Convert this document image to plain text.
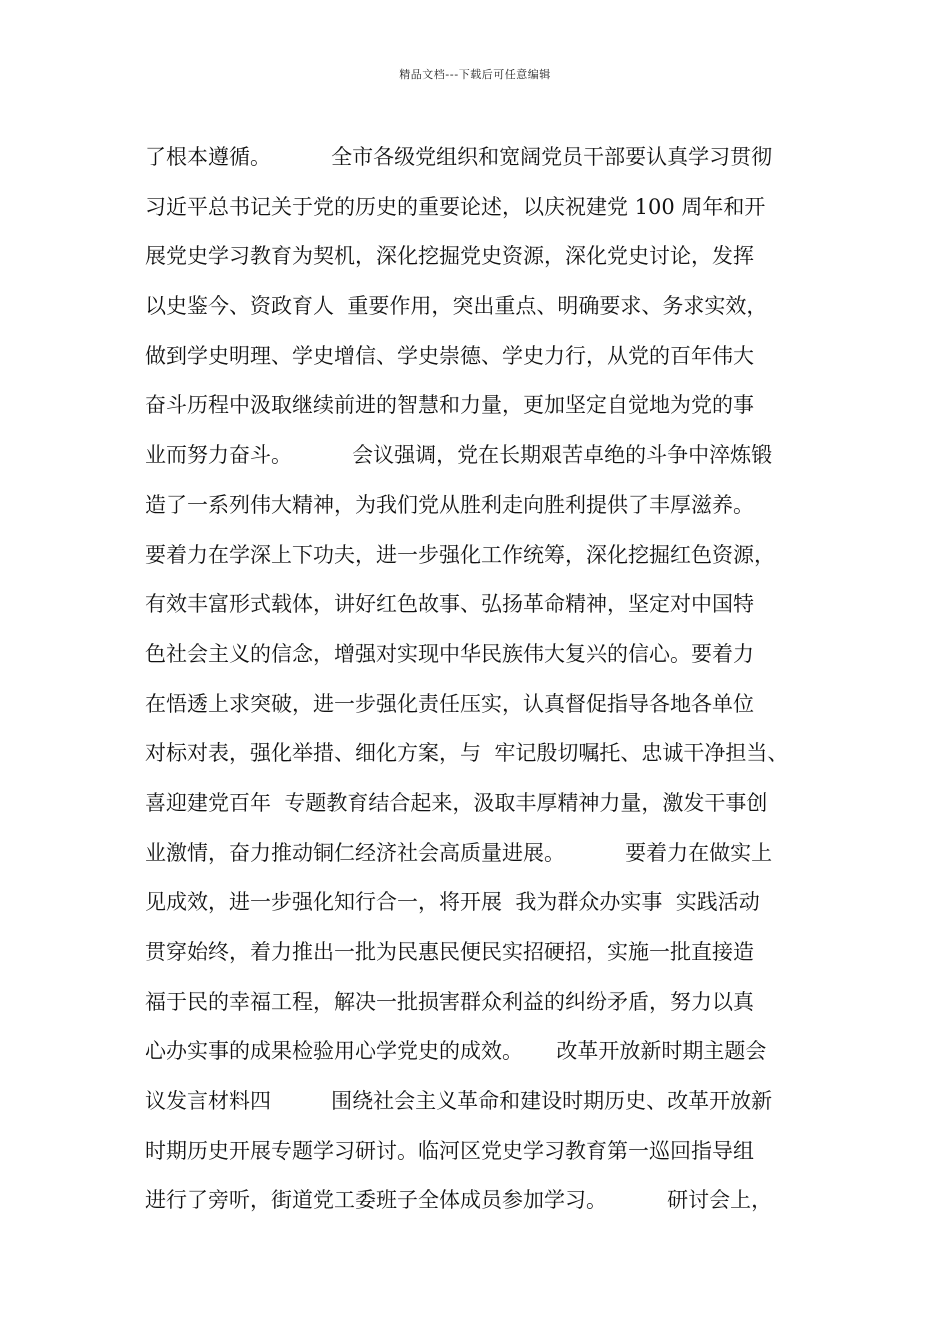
精品文档---下载后可任意编辑
了根本遵循。         全市各级党组织和宽阔党员干部要认真学习贯彻
习近平总书记关于党的历史的重要论述，以庆祝建党 100 周年和开
展党史学习教育为契机，深化挖掘党史资源，深化党史讨论，发挥
以史鉴今、资政育人  重要作用，突出重点、明确要求、务求实效，
做到学史明理、学史增信、学史崇德、学史力行，从党的百年伟大
奋斗历程中汲取继续前进的智慧和力量，更加坚定自觉地为党的事
业而努力奋斗。         会议强调，党在长期艰苦卓绝的斗争中淬炼锻
造了一系列伟大精神，为我们党从胜利走向胜利提供了丰厚滋养。
要着力在学深上下功夫，进一步强化工作统筹，深化挖掘红色资源，
有效丰富形式载体，讲好红色故事、弘扬革命精神，坚定对中国特
色社会主义的信念，增强对实现中华民族伟大复兴的信心。要着力
在悟透上求突破，进一步强化责任压实，认真督促指导各地各单位
对标对表，强化举措、细化方案，与  牢记殷切嘱托、忠诚干净担当、
喜迎建党百年  专题教育结合起来，汲取丰厚精神力量，激发干事创
业激情，奋力推动铜仁经济社会高质量进展。         要着力在做实上
见成效，进一步强化知行合一，将开展  我为群众办实事  实践活动
贯穿始终，着力推出一批为民惠民便民实招硬招，实施一批直接造
福于民的幸福工程，解决一批损害群众利益的纠纷矛盾，努力以真
心办实事的成果检验用心学党史的成效。     改革开放新时期主题会
议发言材料四         围绕社会主义革命和建设时期历史、改革开放新
时期历史开展专题学习研讨。临河区党史学习教育第一巡回指导组
进行了旁听，街道党工委班子全体成员参加学习。         研讨会上，
